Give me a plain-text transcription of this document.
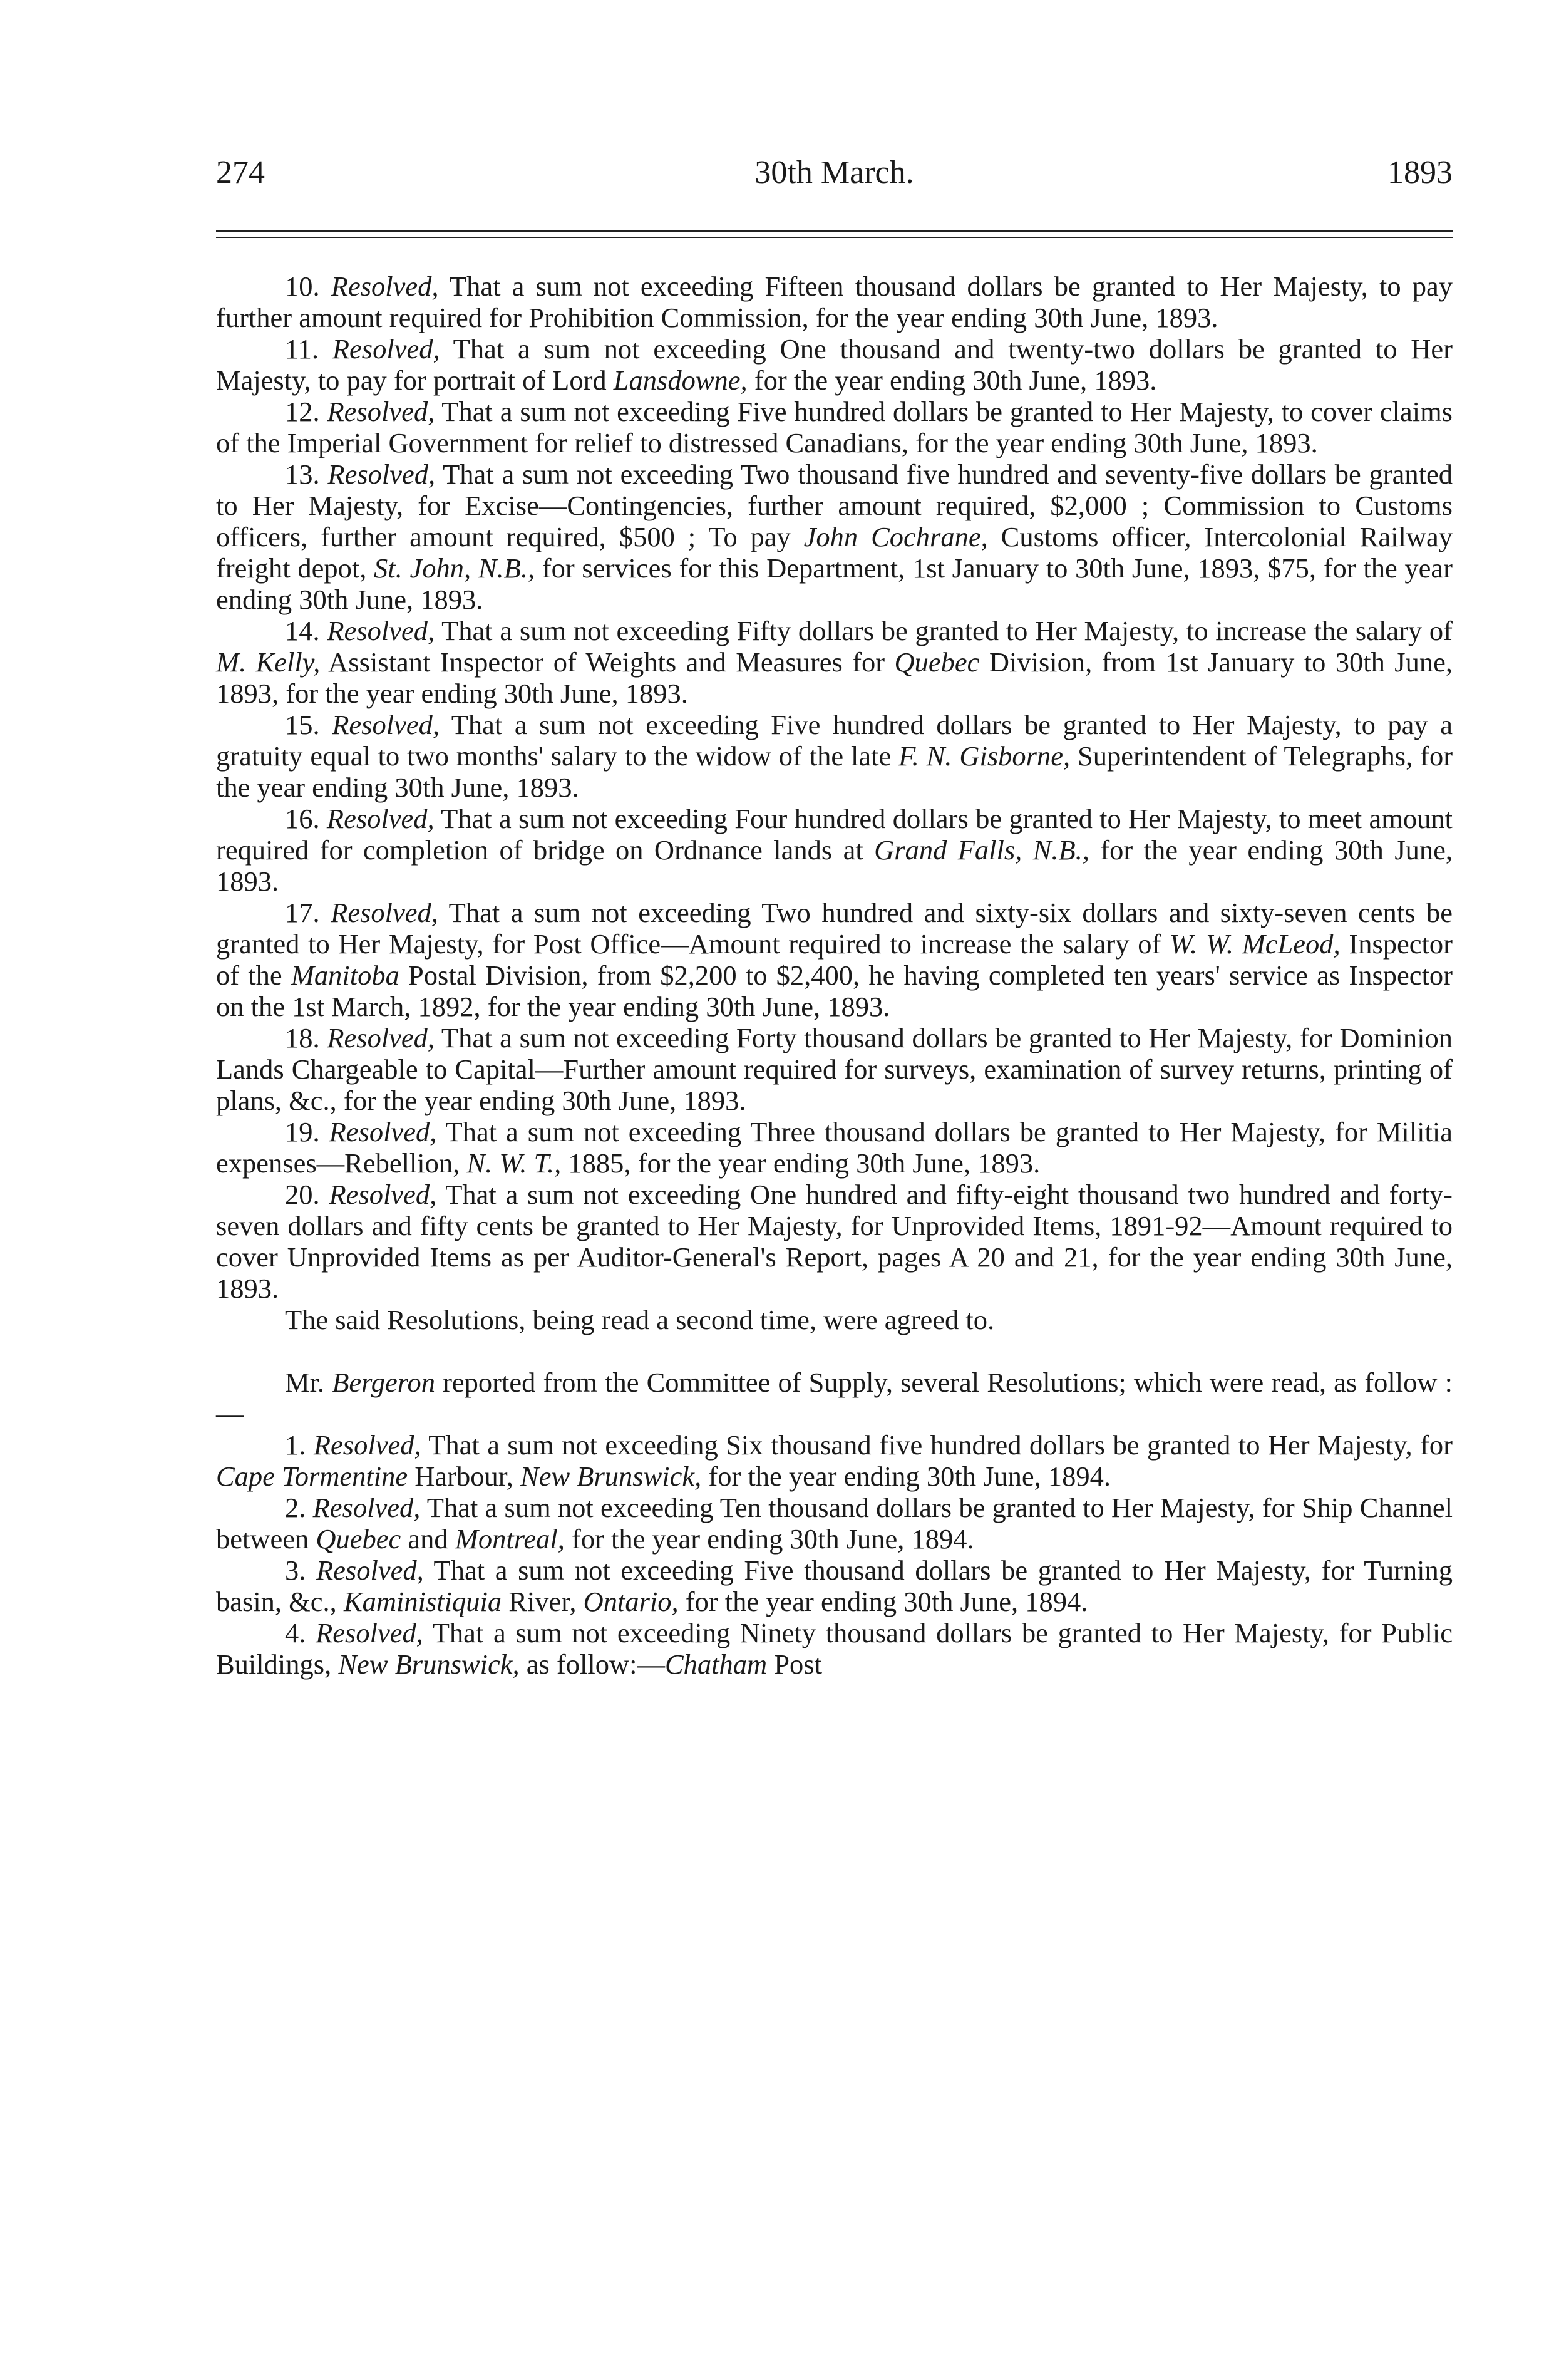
274	30th March.	1893

10. Resolved, That a sum not exceeding Fifteen thousand dollars be granted to Her Majesty, to pay further amount required for Prohibition Commission, for the year ending 30th June, 1893.

11. Resolved, That a sum not exceeding One thousand and twenty-two dollars be granted to Her Majesty, to pay for portrait of Lord Lansdowne, for the year ending 30th June, 1893.

12. Resolved, That a sum not exceeding Five hundred dollars be granted to Her Majesty, to cover claims of the Imperial Government for relief to distressed Canadians, for the year ending 30th June, 1893.

13. Resolved, That a sum not exceeding Two thousand five hundred and seventy-five dollars be granted to Her Majesty, for Excise—Contingencies, further amount required, $2,000 ; Commission to Customs officers, further amount required, $500 ; To pay John Cochrane, Customs officer, Intercolonial Railway freight depot, St. John, N.B., for services for this Department, 1st January to 30th June, 1893, $75, for the year ending 30th June, 1893.

14. Resolved, That a sum not exceeding Fifty dollars be granted to Her Majesty, to increase the salary of M. Kelly, Assistant Inspector of Weights and Measures for Quebec Division, from 1st January to 30th June, 1893, for the year ending 30th June, 1893.

15. Resolved, That a sum not exceeding Five hundred dollars be granted to Her Majesty, to pay a gratuity equal to two months' salary to the widow of the late F. N. Gisborne, Superintendent of Telegraphs, for the year ending 30th June, 1893.

16. Resolved, That a sum not exceeding Four hundred dollars be granted to Her Majesty, to meet amount required for completion of bridge on Ordnance lands at Grand Falls, N.B., for the year ending 30th June, 1893.

17. Resolved, That a sum not exceeding Two hundred and sixty-six dollars and sixty-seven cents be granted to Her Majesty, for Post Office—Amount required to increase the salary of W. W. McLeod, Inspector of the Manitoba Postal Division, from $2,200 to $2,400, he having completed ten years' service as Inspector on the 1st March, 1892, for the year ending 30th June, 1893.

18. Resolved, That a sum not exceeding Forty thousand dollars be granted to Her Majesty, for Dominion Lands Chargeable to Capital—Further amount required for surveys, examination of survey returns, printing of plans, &c., for the year ending 30th June, 1893.

19. Resolved, That a sum not exceeding Three thousand dollars be granted to Her Majesty, for Militia expenses—Rebellion, N. W. T., 1885, for the year ending 30th June, 1893.

20. Resolved, That a sum not exceeding One hundred and fifty-eight thousand two hundred and forty-seven dollars and fifty cents be granted to Her Majesty, for Unprovided Items, 1891-92—Amount required to cover Unprovided Items as per Auditor-General's Report, pages A 20 and 21, for the year ending 30th June, 1893.

The said Resolutions, being read a second time, were agreed to.

Mr. Bergeron reported from the Committee of Supply, several Resolutions; which were read, as follow :—

1. Resolved, That a sum not exceeding Six thousand five hundred dollars be granted to Her Majesty, for Cape Tormentine Harbour, New Brunswick, for the year ending 30th June, 1894.

2. Resolved, That a sum not exceeding Ten thousand dollars be granted to Her Majesty, for Ship Channel between Quebec and Montreal, for the year ending 30th June, 1894.

3. Resolved, That a sum not exceeding Five thousand dollars be granted to Her Majesty, for Turning basin, &c., Kaministiquia River, Ontario, for the year ending 30th June, 1894.

4. Resolved, That a sum not exceeding Ninety thousand dollars be granted to Her Majesty, for Public Buildings, New Brunswick, as follow:—Chatham Post
